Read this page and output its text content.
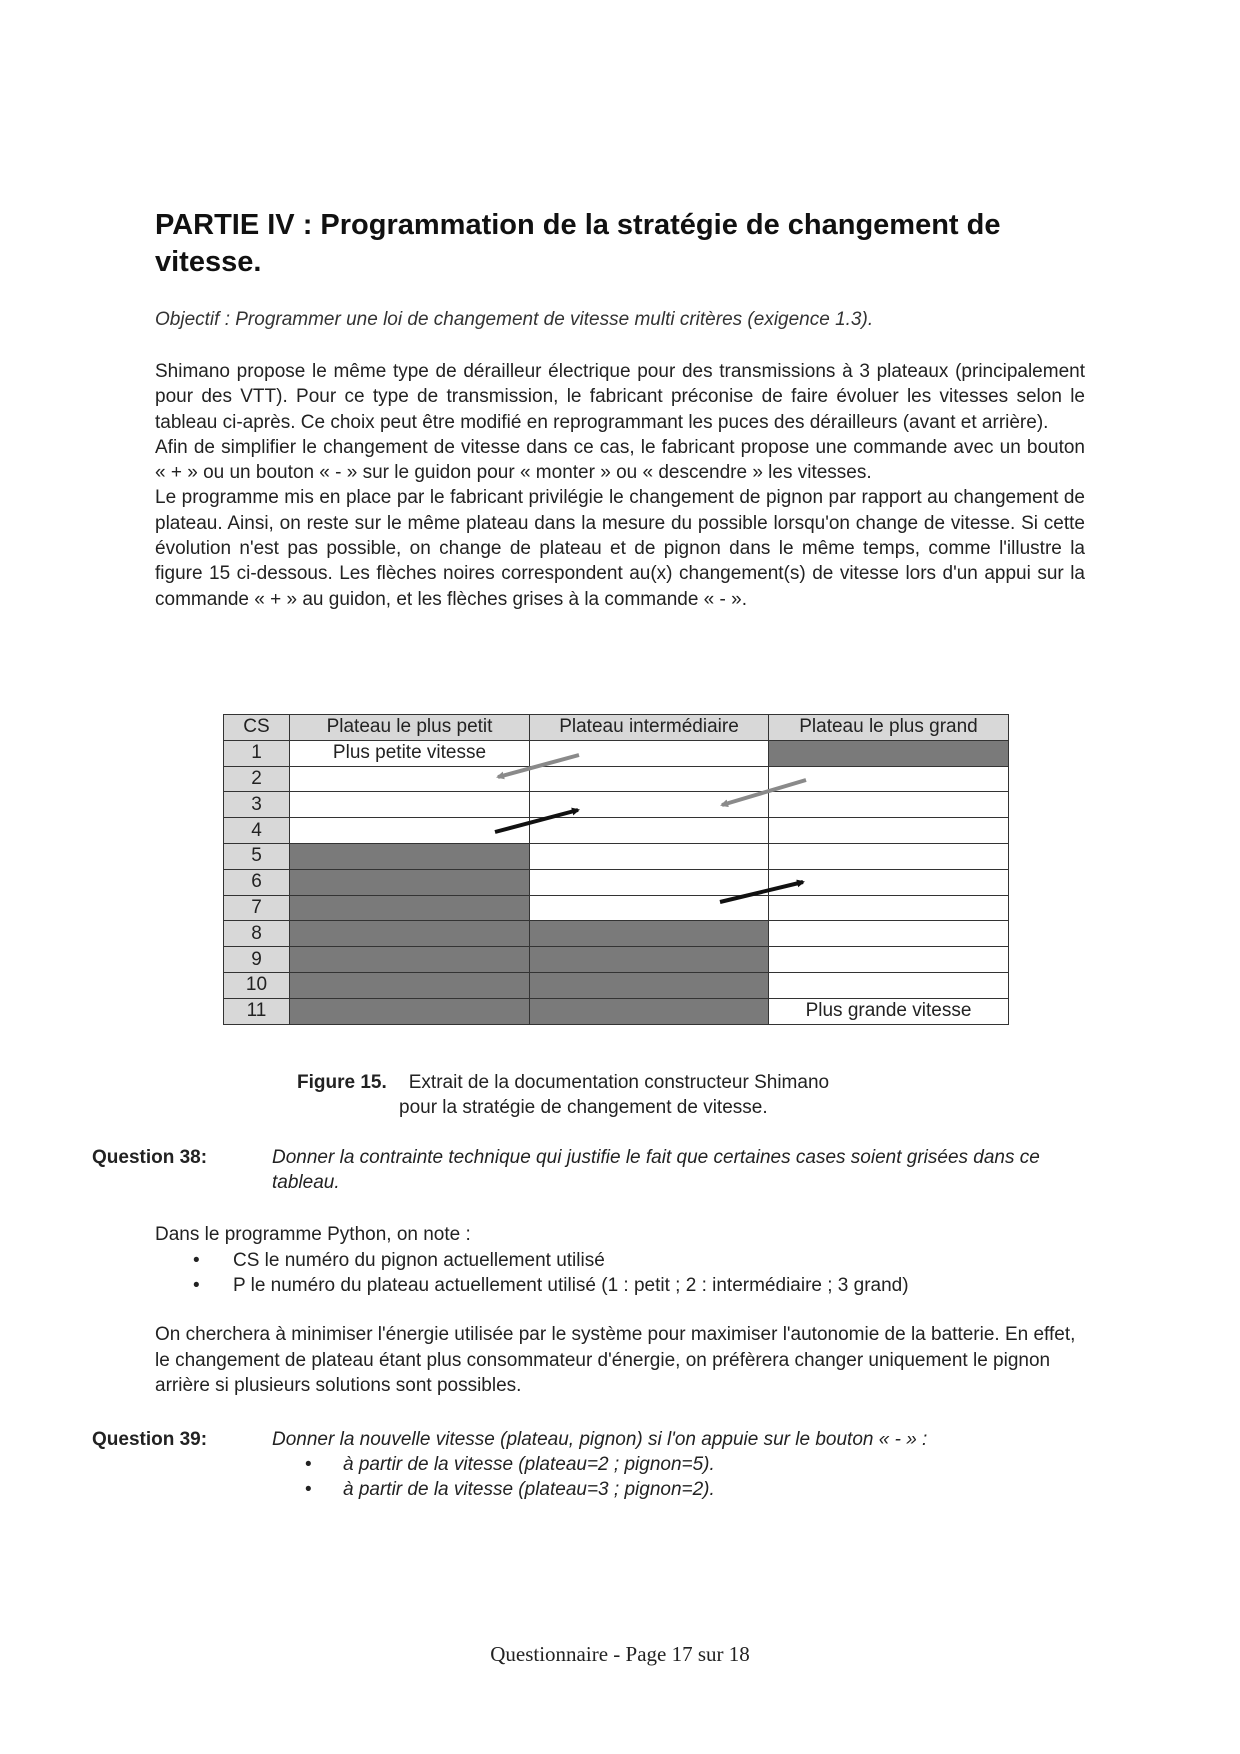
PARTIE IV : Programmation de la stratégie de changement de vitesse.

Objectif : Programmer une loi de changement de vitesse multi critères (exigence 1.3).

Shimano propose le même type de dérailleur électrique pour des transmissions à 3 plateaux (principalement pour des VTT). Pour ce type de transmission, le fabricant préconise de faire évoluer les vitesses selon le tableau ci-après. Ce choix peut être modifié en reprogrammant les puces des dérailleurs (avant et arrière).

Afin de simplifier le changement de vitesse dans ce cas, le fabricant propose une commande avec un bouton « + » ou un bouton « - » sur le guidon pour « monter » ou « descendre » les vitesses.

Le programme mis en place par le fabricant privilégie le changement de pignon par rapport au changement de plateau. Ainsi, on reste sur le même plateau dans la mesure du possible lorsqu'on change de vitesse. Si cette évolution n'est pas possible, on change de plateau et de pignon dans le même temps, comme l'illustre la figure 15 ci-dessous. Les flèches noires correspondent au(x) changement(s) de vitesse lors d'un appui sur la commande « + » au guidon, et les flèches grises à la commande « - ».

CS	Plateau le plus petit	Plateau intermédiaire	Plateau le plus grand
1	Plus petite vitesse		
2			
3			
4			
5			
6			
7			
8			
9			
10			
11			Plus grande vitesse
Figure 15. Extrait de la documentation constructeur Shimano
pour la stratégie de changement de vitesse.
Question 38:	Donner la contrainte technique qui justifie le fait que certaines cases soient grisées dans ce tableau.

Dans le programme Python, on note :

• CS le numéro du pignon actuellement utilisé
• P le numéro du plateau actuellement utilisé (1 : petit ; 2 : intermédiaire ; 3 grand)

On cherchera à minimiser l'énergie utilisée par le système pour maximiser l'autonomie de la batterie. En effet, le changement de plateau étant plus consommateur d'énergie, on préfèrera changer uniquement le pignon arrière si plusieurs solutions sont possibles.

Question 39:	Donner la nouvelle vitesse (plateau, pignon) si l'on appuie sur le bouton « - » :
• à partir de la vitesse (plateau=2 ; pignon=5).
• à partir de la vitesse (plateau=3 ; pignon=2).
Questionnaire - Page 17 sur 18
